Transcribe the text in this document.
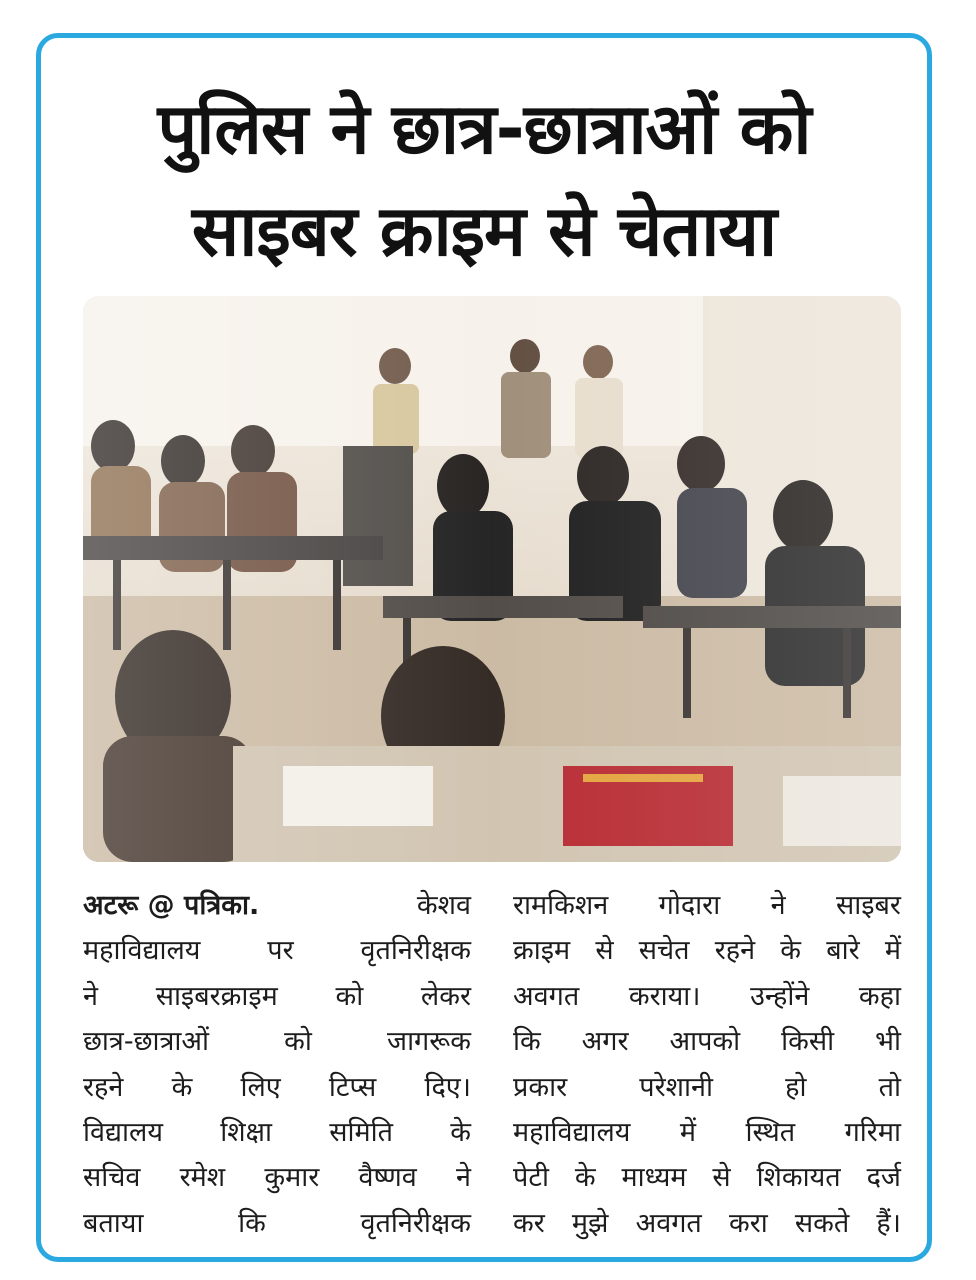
पुलिस ने छात्र-छात्राओं को
साइबर क्राइम से चेताया
अटरू @ पत्रिका.	केशव
महाविद्यालय पर वृतनिरीक्षक
ने साइबरक्राइम को लेकर
छात्र-छात्राओं	को	जागरूक
रहने के लिए टिप्स दिए।
विद्यालय शिक्षा समिति के
सचिव रमेश कुमार वैष्णव ने
बताया	कि	वृतनिरीक्षक
रामकिशन गोदारा ने साइबर
क्राइम से सचेत रहने के बारे में
अवगत कराया। उन्होंने कहा
कि अगर आपको किसी भी
प्रकार	परेशानी	हो	तो
महाविद्यालय में स्थित गरिमा
पेटी के माध्यम से शिकायत दर्ज
कर मुझे अवगत करा सकते हैं।
